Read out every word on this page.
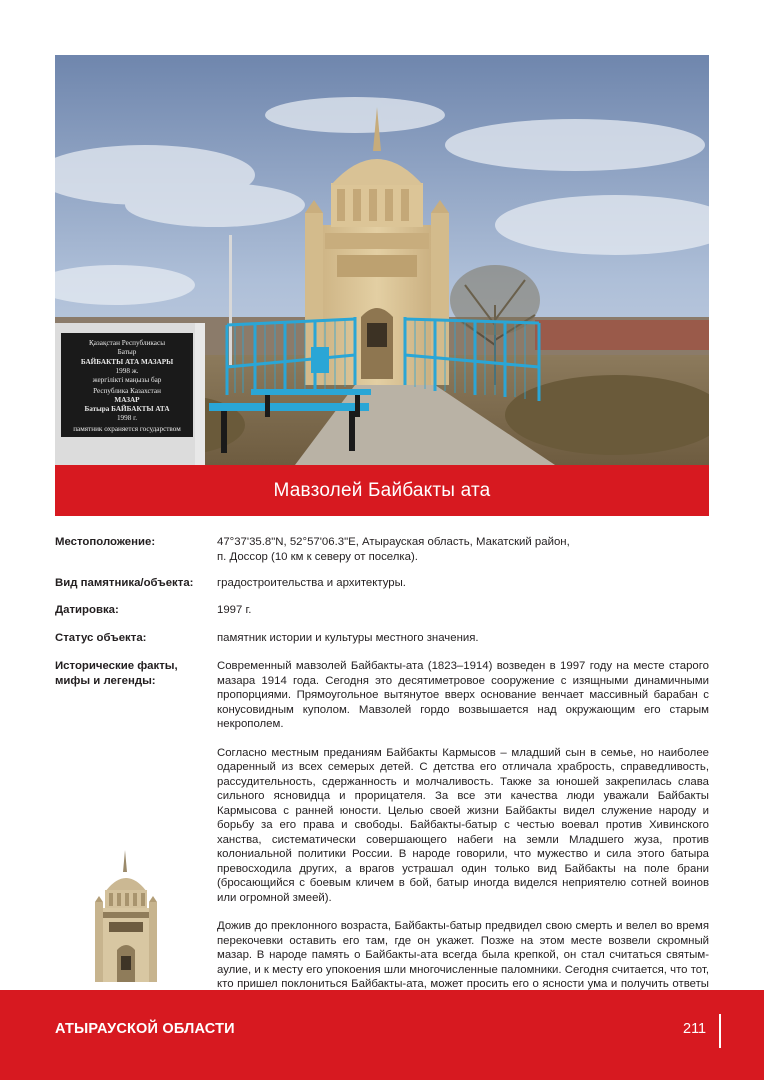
Қазақстан Республикасы
Батыр
БАЙБАКТЫ АТА МАЗАРЫ
1998 ж.
жергілікті маңызы бар
Республика Казахстан
МАЗАР
Батыра БАЙБАКТЫ АТА
1998 г.
памятник охраняется государством
Мавзолей Байбакты ата
Местоположение:	47°37'35.8"N, 52°57'06.3"E, Атырауская область, Макатский район,
п. Доссор (10 км к северу от поселка).
Вид памятника/объекта:	градостроительства и архитектуры.
Датировка:	1997 г.
Статус объекта:	памятник истории и культуры местного значения.
Исторические факты,
мифы и легенды:

Современный мавзолей Байбакты-ата (1823–1914) возведен в 1997 году на месте старого мазара 1914 года. Сегодня это десятиметровое сооружение с изящными динамичными пропорциями. Прямоугольное вытянутое вверх основание венчает массивный барабан с конусовидным куполом. Мавзолей гордо возвышается над окружающим его старым некрополем.

Согласно местным преданиям Байбакты Кармысов – младший сын в семье, но наиболее одаренный из всех семерых детей. С детства его отличала храбрость, справедливость, рассудительность, сдержанность и молчаливость. Также за юношей закрепилась слава сильного ясновидца и прорицателя. За все эти качества люди уважали Байбакты Кармысова с ранней юности. Целью своей жизни Байбакты видел служение народу и борьбу за его права и свободы. Байбакты-батыр с честью воевал против Хивинского ханства, систематически совершающего набеги на земли Младшего жуза, против колониальной политики России. В народе говорили, что мужество и сила этого батыра превосходила других, а врагов устрашал один только вид Байбакты на поле брани (бросающийся с боевым кличем в бой, батыр иногда виделся неприятелю сотней воинов или огромной змеей).

Дожив до преклонного возраста, Байбакты-батыр предвидел свою смерть и велел во время перекочевки оставить его там, где он укажет. Позже на этом месте возвели скромный мазар. В народе память о Байбакты-ата всегда была крепкой, он стал считаться святым-аулие, и к месту его упокоения шли многочисленные паломники. Сегодня считается, что тот, кто пришел поклониться Байбакты-ата, может просить его о ясности ума и получить ответы

АТЫРАУСКОЙ ОБЛАСТИ	211
